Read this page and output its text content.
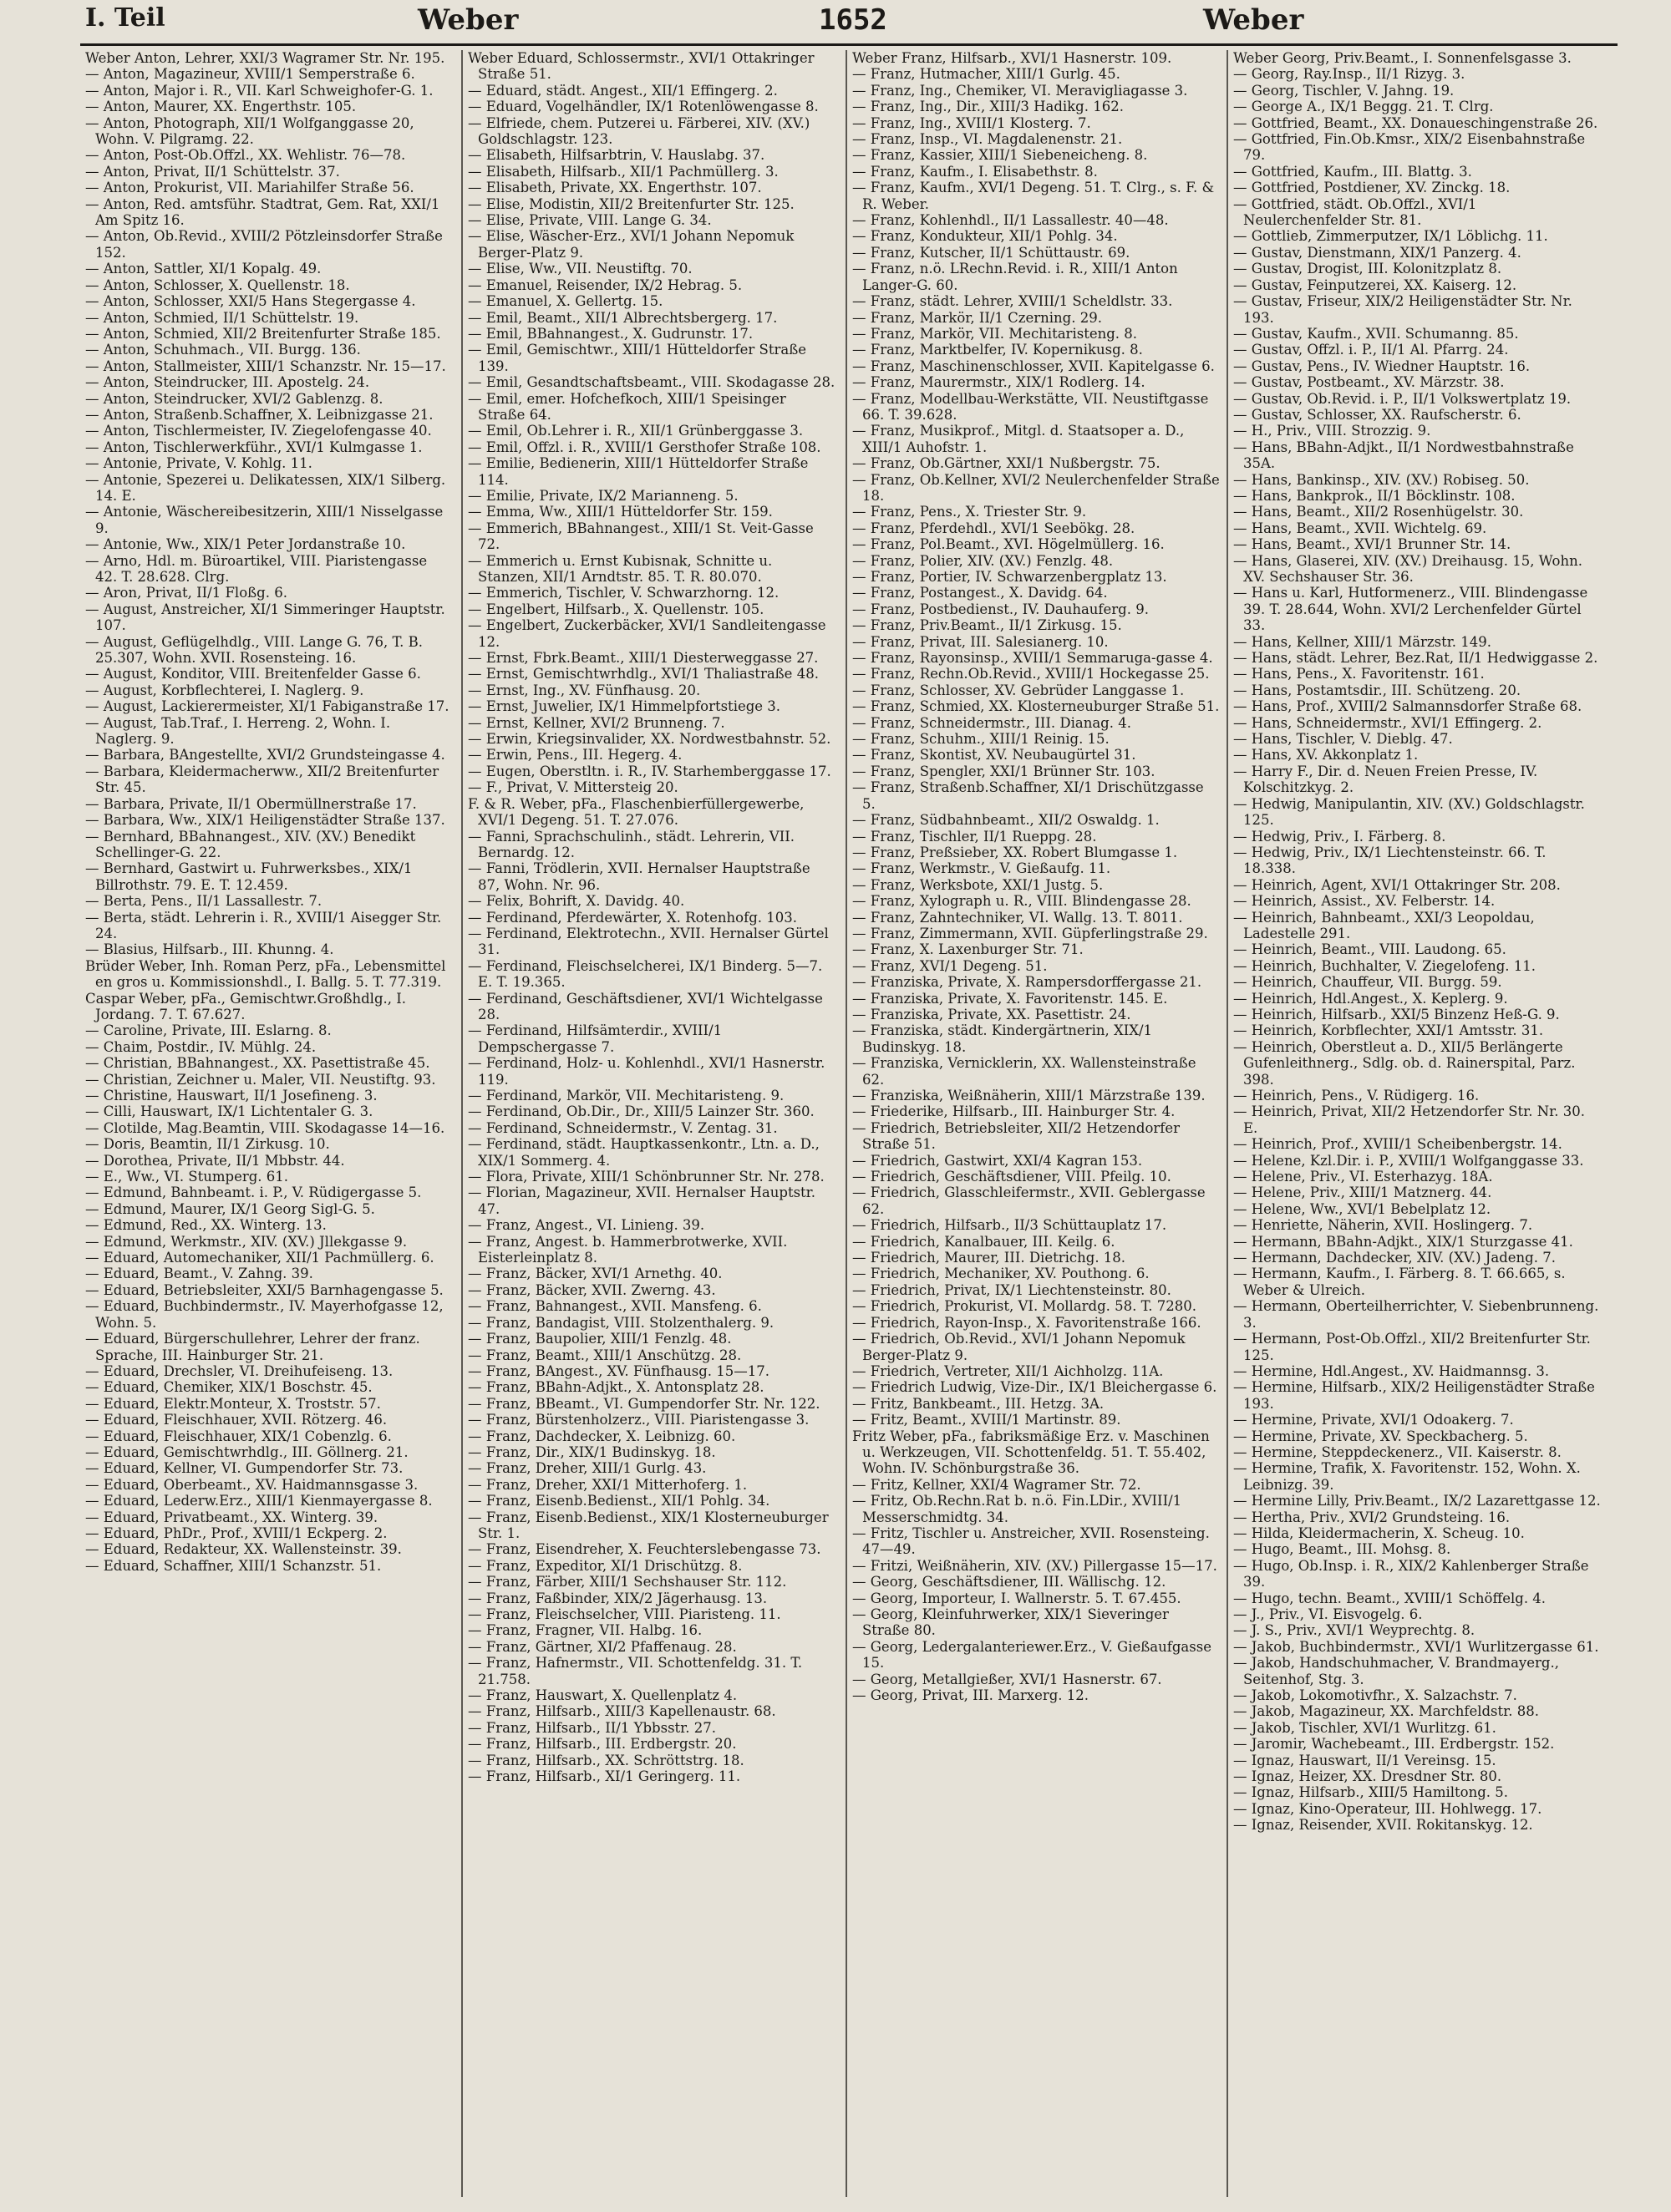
I. Teil	Weber	1652	Weber

Weber Anton, Lehrer, XXI/3 Wagramer Str. Nr. 195.

— Anton, Magazineur, XVIII/1 Semperstraße 6.

— Anton, Major i. R., VII. Karl Schweighofer-G. 1.

— Anton, Maurer, XX. Engerthstr. 105.

— Anton, Photograph, XII/1 Wolfganggasse 20, Wohn. V. Pilgramg. 22.

— Anton, Post-Ob.Offzl., XX. Wehlistr. 76—78.

— Anton, Privat, II/1 Schüttelstr. 37.

— Anton, Prokurist, VII. Mariahilfer Straße 56.

— Anton, Red. amtsführ. Stadtrat, Gem. Rat, XXI/1 Am Spitz 16.

— Anton, Ob.Revid., XVIII/2 Pötzleinsdorfer Straße 152.

— Anton, Sattler, XI/1 Kopalg. 49.

— Anton, Schlosser, X. Quellenstr. 18.

— Anton, Schlosser, XXI/5 Hans Stegergasse 4.

— Anton, Schmied, II/1 Schüttelstr. 19.

— Anton, Schmied, XII/2 Breitenfurter Straße 185.

— Anton, Schuhmach., VII. Burgg. 136.

— Anton, Stallmeister, XIII/1 Schanzstr. Nr. 15—17.

— Anton, Steindrucker, III. Apostelg. 24.

— Anton, Steindrucker, XVI/2 Gablenzg. 8.

— Anton, Straßenb.Schaffner, X. Leibnizgasse 21.

— Anton, Tischlermeister, IV. Ziegelofengasse 40.

— Anton, Tischlerwerkführ., XVI/1 Kulmgasse 1.

— Antonie, Private, V. Kohlg. 11.

— Antonie, Spezerei u. Delikatessen, XIX/1 Silberg. 14. E.

— Antonie, Wäschereibesitzerin, XIII/1 Nisselgasse 9.

— Antonie, Ww., XIX/1 Peter Jordanstraße 10.

— Arno, Hdl. m. Büroartikel, VIII. Piaristengasse 42. T. 28.628. Clrg.

— Aron, Privat, II/1 Floßg. 6.

— August, Anstreicher, XI/1 Simmeringer Hauptstr. 107.

— August, Geflügelhdlg., VIII. Lange G. 76, T. B. 25.307, Wohn. XVII. Rosensteing. 16.

— August, Konditor, VIII. Breitenfelder Gasse 6.

— August, Korbflechterei, I. Naglerg. 9.

— August, Lackierermeister, XI/1 Fabiganstraße 17.

— August, Tab.Traf., I. Herreng. 2, Wohn. I. Naglerg. 9.

— Barbara, BAngestellte, XVI/2 Grundsteingasse 4.

— Barbara, Kleidermacherww., XII/2 Breitenfurter Str. 45.

— Barbara, Private, II/1 Obermüllnerstraße 17.

— Barbara, Ww., XIX/1 Heiligenstädter Straße 137.

— Bernhard, BBahnangest., XIV. (XV.) Benedikt Schellinger-G. 22.

— Bernhard, Gastwirt u. Fuhrwerksbes., XIX/1 Billrothstr. 79. E. T. 12.459.

— Berta, Pens., II/1 Lassallestr. 7.

— Berta, städt. Lehrerin i. R., XVIII/1 Aisegger Str. 24.

— Blasius, Hilfsarb., III. Khunng. 4.

Brüder Weber, Inh. Roman Perz, pFa., Lebensmittel en gros u. Kommissionshdl., I. Ballg. 5. T. 77.319.

Caspar Weber, pFa., Gemischtwr.Großhdlg., I. Jordang. 7. T. 67.627.

— Caroline, Private, III. Eslarng. 8.

— Chaim, Postdir., IV. Mühlg. 24.

— Christian, BBahnangest., XX. Pasettistraße 45.

— Christian, Zeichner u. Maler, VII. Neustiftg. 93.

— Christine, Hauswart, II/1 Josefineng. 3.

— Cilli, Hauswart, IX/1 Lichtentaler G. 3.

— Clotilde, Mag.Beamtin, VIII. Skodagasse 14—16.

— Doris, Beamtin, II/1 Zirkusg. 10.

— Dorothea, Private, II/1 Mbbstr. 44.

— E., Ww., VI. Stumperg. 61.

— Edmund, Bahnbeamt. i. P., V. Rüdigergasse 5.

— Edmund, Maurer, IX/1 Georg Sigl-G. 5.

— Edmund, Red., XX. Winterg. 13.

— Edmund, Werkmstr., XIV. (XV.) Jllekgasse 9.

— Eduard, Automechaniker, XII/1 Pachmüllerg. 6.

— Eduard, Beamt., V. Zahng. 39.

— Eduard, Betriebsleiter, XXI/5 Barnhagengasse 5.

— Eduard, Buchbindermstr., IV. Mayerhofgasse 12, Wohn. 5.

— Eduard, Bürgerschullehrer, Lehrer der franz. Sprache, III. Hainburger Str. 21.

— Eduard, Drechsler, VI. Dreihufeiseng. 13.

— Eduard, Chemiker, XIX/1 Boschstr. 45.

— Eduard, Elektr.Monteur, X. Troststr. 57.

— Eduard, Fleischhauer, XVII. Rötzerg. 46.

— Eduard, Fleischhauer, XIX/1 Cobenzlg. 6.

— Eduard, Gemischtwrhdlg., III. Göllnerg. 21.

— Eduard, Kellner, VI. Gumpendorfer Str. 73.

— Eduard, Oberbeamt., XV. Haidmannsgasse 3.

— Eduard, Lederw.Erz., XIII/1 Kienmayergasse 8.

— Eduard, Privatbeamt., XX. Winterg. 39.

— Eduard, PhDr., Prof., XVIII/1 Eckperg. 2.

— Eduard, Redakteur, XX. Wallensteinstr. 39.

— Eduard, Schaffner, XIII/1 Schanzstr. 51.

Weber Eduard, Schlossermstr., XVI/1 Ottakringer Straße 51.

— Eduard, städt. Angest., XII/1 Effingerg. 2.

— Eduard, Vogelhändler, IX/1 Rotenlöwengasse 8.

— Elfriede, chem. Putzerei u. Färberei, XIV. (XV.) Goldschlagstr. 123.

— Elisabeth, Hilfsarbtrin, V. Hauslabg. 37.

— Elisabeth, Hilfsarb., XII/1 Pachmüllerg. 3.

— Elisabeth, Private, XX. Engerthstr. 107.

— Elise, Modistin, XII/2 Breitenfurter Str. 125.

— Elise, Private, VIII. Lange G. 34.

— Elise, Wäscher-Erz., XVI/1 Johann Nepomuk Berger-Platz 9.

— Elise, Ww., VII. Neustiftg. 70.

— Emanuel, Reisender, IX/2 Hebrag. 5.

— Emanuel, X. Gellertg. 15.

— Emil, Beamt., XII/1 Albrechtsbergerg. 17.

— Emil, BBahnangest., X. Gudrunstr. 17.

— Emil, Gemischtwr., XIII/1 Hütteldorfer Straße 139.

— Emil, Gesandtschaftsbeamt., VIII. Skodagasse 28.

— Emil, emer. Hofchefkoch, XIII/1 Speisinger Straße 64.

— Emil, Ob.Lehrer i. R., XII/1 Grünberggasse 3.

— Emil, Offzl. i. R., XVIII/1 Gersthofer Straße 108.

— Emilie, Bedienerin, XIII/1 Hütteldorfer Straße 114.

— Emilie, Private, IX/2 Marianneng. 5.

— Emma, Ww., XIII/1 Hütteldorfer Str. 159.

— Emmerich, BBahnangest., XIII/1 St. Veit-Gasse 72.

— Emmerich u. Ernst Kubisnak, Schnitte u. Stanzen, XII/1 Arndtstr. 85. T. R. 80.070.

— Emmerich, Tischler, V. Schwarzhorng. 12.

— Engelbert, Hilfsarb., X. Quellenstr. 105.

— Engelbert, Zuckerbäcker, XVI/1 Sandleitengasse 12.

— Ernst, Fbrk.Beamt., XIII/1 Diesterweggasse 27.

— Ernst, Gemischtwrhdlg., XVI/1 Thaliastraße 48.

— Ernst, Ing., XV. Fünfhausg. 20.

— Ernst, Juwelier, IX/1 Himmelpfortstiege 3.

— Ernst, Kellner, XVI/2 Brunneng. 7.

— Erwin, Kriegsinvalider, XX. Nordwestbahnstr. 52.

— Erwin, Pens., III. Hegerg. 4.

— Eugen, Oberstltn. i. R., IV. Starhemberggasse 17.

— F., Privat, V. Mittersteig 20.

F. & R. Weber, pFa., Flaschenbierfüllergewerbe, XVI/1 Degeng. 51. T. 27.076.

— Fanni, Sprachschulinh., städt. Lehrerin, VII. Bernardg. 12.

— Fanni, Trödlerin, XVII. Hernalser Hauptstraße 87, Wohn. Nr. 96.

— Felix, Bohrift, X. Davidg. 40.

— Ferdinand, Pferdewärter, X. Rotenhofg. 103.

— Ferdinand, Elektrotechn., XVII. Hernalser Gürtel 31.

— Ferdinand, Fleischselcherei, IX/1 Binderg. 5—7. E. T. 19.365.

— Ferdinand, Geschäftsdiener, XVI/1 Wichtelgasse 28.

— Ferdinand, Hilfsämterdir., XVIII/1 Dempschergasse 7.

— Ferdinand, Holz- u. Kohlenhdl., XVI/1 Hasnerstr. 119.

— Ferdinand, Markör, VII. Mechitaristeng. 9.

— Ferdinand, Ob.Dir., Dr., XIII/5 Lainzer Str. 360.

— Ferdinand, Schneidermstr., V. Zentag. 31.

— Ferdinand, städt. Hauptkassenkontr., Ltn. a. D., XIX/1 Sommerg. 4.

— Flora, Private, XIII/1 Schönbrunner Str. Nr. 278.

— Florian, Magazineur, XVII. Hernalser Hauptstr. 47.

— Franz, Angest., VI. Linieng. 39.

— Franz, Angest. b. Hammerbrotwerke, XVII. Eisterleinplatz 8.

— Franz, Bäcker, XVI/1 Arnethg. 40.

— Franz, Bäcker, XVII. Zwerng. 43.

— Franz, Bahnangest., XVII. Mansfeng. 6.

— Franz, Bandagist, VIII. Stolzenthalerg. 9.

— Franz, Baupolier, XIII/1 Fenzlg. 48.

— Franz, Beamt., XIII/1 Anschützg. 28.

— Franz, BAngest., XV. Fünfhausg. 15—17.

— Franz, BBahn-Adjkt., X. Antonsplatz 28.

— Franz, BBeamt., VI. Gumpendorfer Str. Nr. 122.

— Franz, Bürstenholzerz., VIII. Piaristengasse 3.

— Franz, Dachdecker, X. Leibnizg. 60.

— Franz, Dir., XIX/1 Budinskyg. 18.

— Franz, Dreher, XIII/1 Gurlg. 43.

— Franz, Dreher, XXI/1 Mitterhoferg. 1.

— Franz, Eisenb.Bedienst., XII/1 Pohlg. 34.

— Franz, Eisenb.Bedienst., XIX/1 Klosterneuburger Str. 1.

— Franz, Eisendreher, X. Feuchterslebengasse 73.

— Franz, Expeditor, XI/1 Drischützg. 8.

— Franz, Färber, XIII/1 Sechshauser Str. 112.

— Franz, Faßbinder, XIX/2 Jägerhausg. 13.

— Franz, Fleischselcher, VIII. Piaristeng. 11.

— Franz, Fragner, VII. Halbg. 16.

— Franz, Gärtner, XI/2 Pfaffenaug. 28.

— Franz, Hafnermstr., VII. Schottenfeldg. 31. T. 21.758.

— Franz, Hauswart, X. Quellenplatz 4.

— Franz, Hilfsarb., XIII/3 Kapellenaustr. 68.

— Franz, Hilfsarb., II/1 Ybbsstr. 27.

— Franz, Hilfsarb., III. Erdbergstr. 20.

— Franz, Hilfsarb., XX. Schröttstrg. 18.

— Franz, Hilfsarb., XI/1 Geringerg. 11.

Weber Franz, Hilfsarb., XVI/1 Hasnerstr. 109.

— Franz, Hutmacher, XIII/1 Gurlg. 45.

— Franz, Ing., Chemiker, VI. Meravigliagasse 3.

— Franz, Ing., Dir., XIII/3 Hadikg. 162.

— Franz, Ing., XVIII/1 Klosterg. 7.

— Franz, Insp., VI. Magdalenenstr. 21.

— Franz, Kassier, XIII/1 Siebeneicheng. 8.

— Franz, Kaufm., I. Elisabethstr. 8.

— Franz, Kaufm., XVI/1 Degeng. 51. T. Clrg., s. F. & R. Weber.

— Franz, Kohlenhdl., II/1 Lassallestr. 40—48.

— Franz, Kondukteur, XII/1 Pohlg. 34.

— Franz, Kutscher, II/1 Schüttaustr. 69.

— Franz, n.ö. LRechn.Revid. i. R., XIII/1 Anton Langer-G. 60.

— Franz, städt. Lehrer, XVIII/1 Scheldlstr. 33.

— Franz, Markör, II/1 Czerning. 29.

— Franz, Markör, VII. Mechitaristeng. 8.

— Franz, Marktbelfer, IV. Kopernikusg. 8.

— Franz, Maschinenschlosser, XVII. Kapitelgasse 6.

— Franz, Maurermstr., XIX/1 Rodlerg. 14.

— Franz, Modellbau-Werkstätte, VII. Neustiftgasse 66. T. 39.628.

— Franz, Musikprof., Mitgl. d. Staatsoper a. D., XIII/1 Auhofstr. 1.

— Franz, Ob.Gärtner, XXI/1 Nußbergstr. 75.

— Franz, Ob.Kellner, XVI/2 Neulerchenfelder Straße 18.

— Franz, Pens., X. Triester Str. 9.

— Franz, Pferdehdl., XVI/1 Seebökg. 28.

— Franz, Pol.Beamt., XVI. Högelmüllerg. 16.

— Franz, Polier, XIV. (XV.) Fenzlg. 48.

— Franz, Portier, IV. Schwarzenbergplatz 13.

— Franz, Postangest., X. Davidg. 64.

— Franz, Postbedienst., IV. Dauhauferg. 9.

— Franz, Priv.Beamt., II/1 Zirkusg. 15.

— Franz, Privat, III. Salesianerg. 10.

— Franz, Rayonsinsp., XVIII/1 Semmaruga-gasse 4.

— Franz, Rechn.Ob.Revid., XVIII/1 Hockegasse 25.

— Franz, Schlosser, XV. Gebrüder Langgasse 1.

— Franz, Schmied, XX. Klosterneuburger Straße 51.

— Franz, Schneidermstr., III. Dianag. 4.

— Franz, Schuhm., XIII/1 Reinig. 15.

— Franz, Skontist, XV. Neubaugürtel 31.

— Franz, Spengler, XXI/1 Brünner Str. 103.

— Franz, Straßenb.Schaffner, XI/1 Drischützgasse 5.

— Franz, Südbahnbeamt., XII/2 Oswaldg. 1.

— Franz, Tischler, II/1 Rueppg. 28.

— Franz, Preßsieber, XX. Robert Blumgasse 1.

— Franz, Werkmstr., V. Gießaufg. 11.

— Franz, Werksbote, XXI/1 Justg. 5.

— Franz, Xylograph u. R., VIII. Blindengasse 28.

— Franz, Zahntechniker, VI. Wallg. 13. T. 8011.

— Franz, Zimmermann, XVII. Güpferlingstraße 29.

— Franz, X. Laxenburger Str. 71.

— Franz, XVI/1 Degeng. 51.

— Franziska, Private, X. Rampersdorffergasse 21.

— Franziska, Private, X. Favoritenstr. 145. E.

— Franziska, Private, XX. Pasettistr. 24.

— Franziska, städt. Kindergärtnerin, XIX/1 Budinskyg. 18.

— Franziska, Vernicklerin, XX. Wallensteinstraße 62.

— Franziska, Weißnäherin, XIII/1 Märzstraße 139.

— Friederike, Hilfsarb., III. Hainburger Str. 4.

— Friedrich, Betriebsleiter, XII/2 Hetzendorfer Straße 51.

— Friedrich, Gastwirt, XXI/4 Kagran 153.

— Friedrich, Geschäftsdiener, VIII. Pfeilg. 10.

— Friedrich, Glasschleifermstr., XVII. Geblergasse 62.

— Friedrich, Hilfsarb., II/3 Schüttauplatz 17.

— Friedrich, Kanalbauer, III. Keilg. 6.

— Friedrich, Maurer, III. Dietrichg. 18.

— Friedrich, Mechaniker, XV. Pouthong. 6.

— Friedrich, Privat, IX/1 Liechtensteinstr. 80.

— Friedrich, Prokurist, VI. Mollardg. 58. T. 7280.

— Friedrich, Rayon-Insp., X. Favoritenstraße 166.

— Friedrich, Ob.Revid., XVI/1 Johann Nepomuk Berger-Platz 9.

— Friedrich, Vertreter, XII/1 Aichholzg. 11A.

— Friedrich Ludwig, Vize-Dir., IX/1 Bleichergasse 6.

— Fritz, Bankbeamt., III. Hetzg. 3A.

— Fritz, Beamt., XVIII/1 Martinstr. 89.

Fritz Weber, pFa., fabriksmäßige Erz. v. Maschinen u. Werkzeugen, VII. Schottenfeldg. 51. T. 55.402, Wohn. IV. Schönburgstraße 36.

— Fritz, Kellner, XXI/4 Wagramer Str. 72.

— Fritz, Ob.Rechn.Rat b. n.ö. Fin.LDir., XVIII/1 Messerschmidtg. 34.

— Fritz, Tischler u. Anstreicher, XVII. Rosensteing. 47—49.

— Fritzi, Weißnäherin, XIV. (XV.) Pillergasse 15—17.

— Georg, Geschäftsdiener, III. Wällischg. 12.

— Georg, Importeur, I. Wallnerstr. 5. T. 67.455.

— Georg, Kleinfuhrwerker, XIX/1 Sieveringer Straße 80.

— Georg, Ledergalanteriewer.Erz., V. Gießaufgasse 15.

— Georg, Metallgießer, XVI/1 Hasnerstr. 67.

— Georg, Privat, III. Marxerg. 12.

Weber Georg, Priv.Beamt., I. Sonnenfelsgasse 3.

— Georg, Ray.Insp., II/1 Rizyg. 3.

— Georg, Tischler, V. Jahng. 19.

— George A., IX/1 Beggg. 21. T. Clrg.

— Gottfried, Beamt., XX. Donaueschingenstraße 26.

— Gottfried, Fin.Ob.Kmsr., XIX/2 Eisenbahnstraße 79.

— Gottfried, Kaufm., III. Blattg. 3.

— Gottfried, Postdiener, XV. Zinckg. 18.

— Gottfried, städt. Ob.Offzl., XVI/1 Neulerchenfelder Str. 81.

— Gottlieb, Zimmerputzer, IX/1 Löblichg. 11.

— Gustav, Dienstmann, XIX/1 Panzerg. 4.

— Gustav, Drogist, III. Kolonitzplatz 8.

— Gustav, Feinputzerei, XX. Kaiserg. 12.

— Gustav, Friseur, XIX/2 Heiligenstädter Str. Nr. 193.

— Gustav, Kaufm., XVII. Schumanng. 85.

— Gustav, Offzl. i. P., II/1 Al. Pfarrg. 24.

— Gustav, Pens., IV. Wiedner Hauptstr. 16.

— Gustav, Postbeamt., XV. Märzstr. 38.

— Gustav, Ob.Revid. i. P., II/1 Volkswertplatz 19.

— Gustav, Schlosser, XX. Raufscherstr. 6.

— H., Priv., VIII. Strozzig. 9.

— Hans, BBahn-Adjkt., II/1 Nordwestbahnstraße 35A.

— Hans, Bankinsp., XIV. (XV.) Robiseg. 50.

— Hans, Bankprok., II/1 Böcklinstr. 108.

— Hans, Beamt., XII/2 Rosenhügelstr. 30.

— Hans, Beamt., XVII. Wichtelg. 69.

— Hans, Beamt., XVI/1 Brunner Str. 14.

— Hans, Glaserei, XIV. (XV.) Dreihausg. 15, Wohn. XV. Sechshauser Str. 36.

— Hans u. Karl, Hutformenerz., VIII. Blindengasse 39. T. 28.644, Wohn. XVI/2 Lerchenfelder Gürtel 33.

— Hans, Kellner, XIII/1 Märzstr. 149.

— Hans, städt. Lehrer, Bez.Rat, II/1 Hedwiggasse 2.

— Hans, Pens., X. Favoritenstr. 161.

— Hans, Postamtsdir., III. Schützeng. 20.

— Hans, Prof., XVIII/2 Salmannsdorfer Straße 68.

— Hans, Schneidermstr., XVI/1 Effingerg. 2.

— Hans, Tischler, V. Dieblg. 47.

— Hans, XV. Akkonplatz 1.

— Harry F., Dir. d. Neuen Freien Presse, IV. Kolschitzkyg. 2.

— Hedwig, Manipulantin, XIV. (XV.) Goldschlagstr. 125.

— Hedwig, Priv., I. Färberg. 8.

— Hedwig, Priv., IX/1 Liechtensteinstr. 66. T. 18.338.

— Heinrich, Agent, XVI/1 Ottakringer Str. 208.

— Heinrich, Assist., XV. Felberstr. 14.

— Heinrich, Bahnbeamt., XXI/3 Leopoldau, Ladestelle 291.

— Heinrich, Beamt., VIII. Laudong. 65.

— Heinrich, Buchhalter, V. Ziegelofeng. 11.

— Heinrich, Chauffeur, VII. Burgg. 59.

— Heinrich, Hdl.Angest., X. Keplerg. 9.

— Heinrich, Hilfsarb., XXI/5 Binzenz Heß-G. 9.

— Heinrich, Korbflechter, XXI/1 Amtsstr. 31.

— Heinrich, Oberstleut a. D., XII/5 Berlängerte Gufenleithnerg., Sdlg. ob. d. Rainerspital, Parz. 398.

— Heinrich, Pens., V. Rüdigerg. 16.

— Heinrich, Privat, XII/2 Hetzendorfer Str. Nr. 30. E.

— Heinrich, Prof., XVIII/1 Scheibenbergstr. 14.

— Helene, Kzl.Dir. i. P., XVIII/1 Wolfganggasse 33.

— Helene, Priv., VI. Esterhazyg. 18A.

— Helene, Priv., XIII/1 Matznerg. 44.

— Helene, Ww., XVI/1 Bebelplatz 12.

— Henriette, Näherin, XVII. Hoslingerg. 7.

— Hermann, BBahn-Adjkt., XIX/1 Sturzgasse 41.

— Hermann, Dachdecker, XIV. (XV.) Jadeng. 7.

— Hermann, Kaufm., I. Färberg. 8. T. 66.665, s. Weber & Ulreich.

— Hermann, Oberteilherrichter, V. Siebenbrunneng. 3.

— Hermann, Post-Ob.Offzl., XII/2 Breitenfurter Str. 125.

— Hermine, Hdl.Angest., XV. Haidmannsg. 3.

— Hermine, Hilfsarb., XIX/2 Heiligenstädter Straße 193.

— Hermine, Private, XVI/1 Odoakerg. 7.

— Hermine, Private, XV. Speckbacherg. 5.

— Hermine, Steppdeckenerz., VII. Kaiserstr. 8.

— Hermine, Trafik, X. Favoritenstr. 152, Wohn. X. Leibnizg. 39.

— Hermine Lilly, Priv.Beamt., IX/2 Lazarettgasse 12.

— Hertha, Priv., XVI/2 Grundsteing. 16.

— Hilda, Kleidermacherin, X. Scheug. 10.

— Hugo, Beamt., III. Mohsg. 8.

— Hugo, Ob.Insp. i. R., XIX/2 Kahlenberger Straße 39.

— Hugo, techn. Beamt., XVIII/1 Schöffelg. 4.

— J., Priv., VI. Eisvogelg. 6.

— J. S., Priv., XVI/1 Weyprechtg. 8.

— Jakob, Buchbindermstr., XVI/1 Wurlitzergasse 61.

— Jakob, Handschuhmacher, V. Brandmayerg., Seitenhof, Stg. 3.

— Jakob, Lokomotivfhr., X. Salzachstr. 7.

— Jakob, Magazineur, XX. Marchfeldstr. 88.

— Jakob, Tischler, XVI/1 Wurlitzg. 61.

— Jaromir, Wachebeamt., III. Erdbergstr. 152.

— Ignaz, Hauswart, II/1 Vereinsg. 15.

— Ignaz, Heizer, XX. Dresdner Str. 80.

— Ignaz, Hilfsarb., XIII/5 Hamiltong. 5.

— Ignaz, Kino-Operateur, III. Hohlwegg. 17.

— Ignaz, Reisender, XVII. Rokitanskyg. 12.
